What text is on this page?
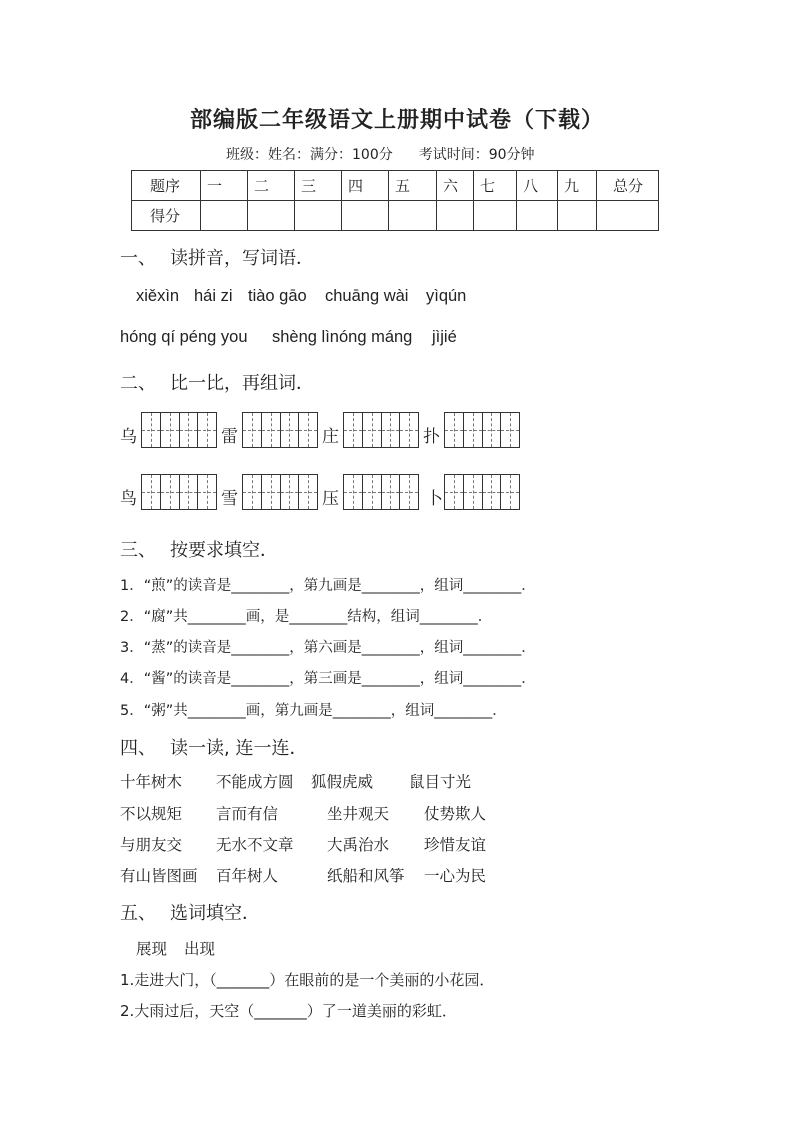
部编版二年级语文上册期中试卷（下载）
班级：姓名：满分：100分 考试时间：90分钟
题序	一	二	三	四	五	六	七	八	九	总分
得分										
一、 读拼音，写词语．
xiěxìn hái zi tiào gāo chuāng wài yìqún
hóng qí péng you shèng lìnóng máng jìjié
二、 比一比，再组词．
乌	雷	庄	扑
鸟	雪	压	卜
三、 按要求填空．
1．“煎”的读音是________，第九画是________，组词________．
2．“腐”共________画，是________结构，组词________．
3．“蒸”的读音是________，第六画是________，组词________．
4．“酱”的读音是________，第三画是________，组词________．
5．“粥”共________画，第九画是________，组词________．
四、 读一读, 连一连．
十年树木 不能成方圆 狐假虎威 鼠目寸光
不以规矩 言而有信	坐井观天 仗势欺人
与朋友交 无水不文章 大禹治水 珍惜友谊
有山皆图画 百年树人	纸船和风筝 一心为民
五、 选词填空．
展现 出现
1.走进大门，（_______）在眼前的是一个美丽的小花园．
2.大雨过后，天空（_______）了一道美丽的彩虹．
